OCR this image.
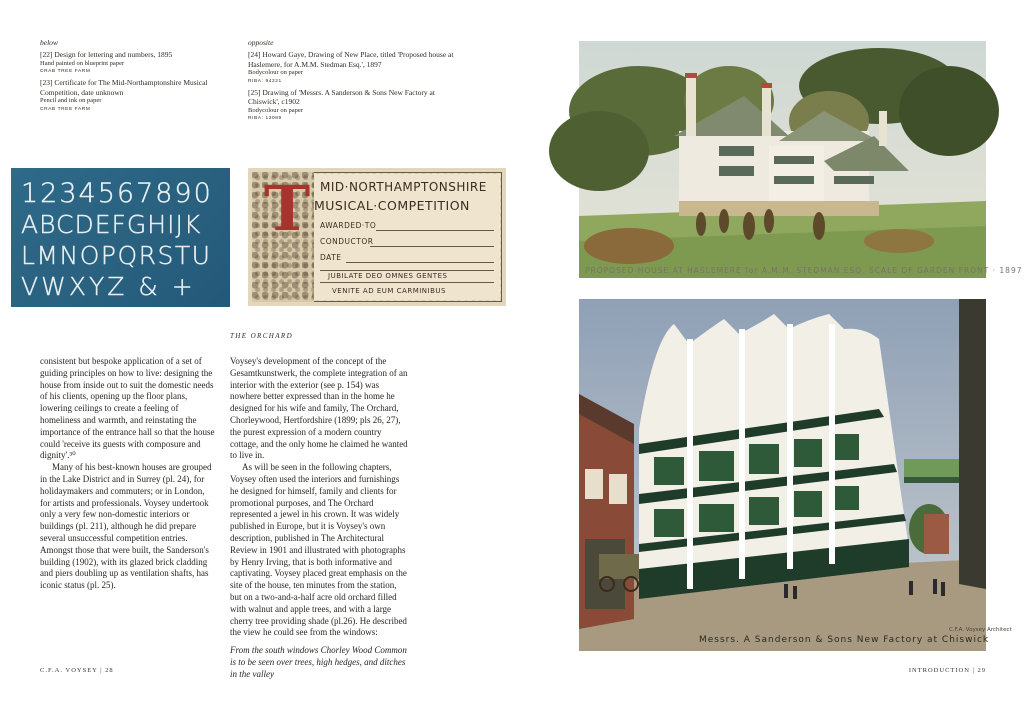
below
[22] Design for lettering and numbers, 1895
Hand painted on blueprint paper
CRAB TREE FARM
[23] Certificate for The Mid-Northamptonshire Musical Competition, date unknown
Pencil and ink on paper
CRAB TREE FARM
opposite
[24] Howard Gaye, Drawing of New Place, titled 'Proposed house at Haslemere, for A.M.M. Stedman Esq.', 1897
Bodycolour on paper
RIBA: 94221
[25] Drawing of 'Messrs. A Sanderson & Sons New Factory at Chiswick', c1902
Bodycolour on paper
RIBA: 13089
1234567890
ABCDEFGHIJK
LMNOPQRSTU
VWXYZ & +
T MID·NORTHAMPTONSHIRE
MUSICAL·COMPETITION
AWARDED·TO
CONDUCTOR
DATE
JUBILATE DEO OMNES GENTES
VENITE AD EUM CARMINIBUS
THE ORCHARD

consistent but bespoke application of a set of guiding principles on how to live: designing the house from inside out to suit the domestic needs of his clients, opening up the floor plans, lowering ceilings to create a feeling of homeliness and warmth, and reinstating the importance of the entrance hall so that the house could 'receive its guests with composure and dignity'.³⁰

Many of his best-known houses are grouped in the Lake District and in Surrey (pl. 24), for holidaymakers and commuters; or in London, for artists and professionals. Voysey undertook only a very few non-domestic interiors or buildings (pl. 211), although he did prepare several unsuccessful competition entries. Amongst those that were built, the Sanderson's building (1902), with its glazed brick cladding and piers doubling up as ventilation shafts, has iconic status (pl. 25).

Voysey's development of the concept of the Gesamtkunstwerk, the complete integration of an interior with the exterior (see p. 154) was nowhere better expressed than in the home he designed for his wife and family, The Orchard, Chorleywood, Hertfordshire (1899; pls 26, 27), the purest expression of a modern country cottage, and the only home he claimed he wanted to live in.

As will be seen in the following chapters, Voysey often used the interiors and furnishings he designed for himself, family and clients for promotional purposes, and The Orchard represented a jewel in his crown. It was widely published in Europe, but it is Voysey's own description, published in The Architectural Review in 1901 and illustrated with photographs by Henry Irving, that is both informative and captivating. Voysey placed great emphasis on the site of the house, ten minutes from the station, but on a two-and-a-half acre old orchard filled with walnut and apple trees, and with a large cherry tree providing shade (pl.26). He described the view he could see from the windows:

From the south windows Chorley Wood Common is to be seen over trees, high hedges, and ditches in the valley

PROPOSED HOUSE AT HASLEMERE for A.M.M. STEDMAN ESQ. SCALE OF GARDEN FRONT · 1897
Messrs. A Sanderson & Sons New Factory at Chiswick
C.F.A. Voysey Architect
C.F.A. VOYSEY | 28	INTRODUCTION | 29
